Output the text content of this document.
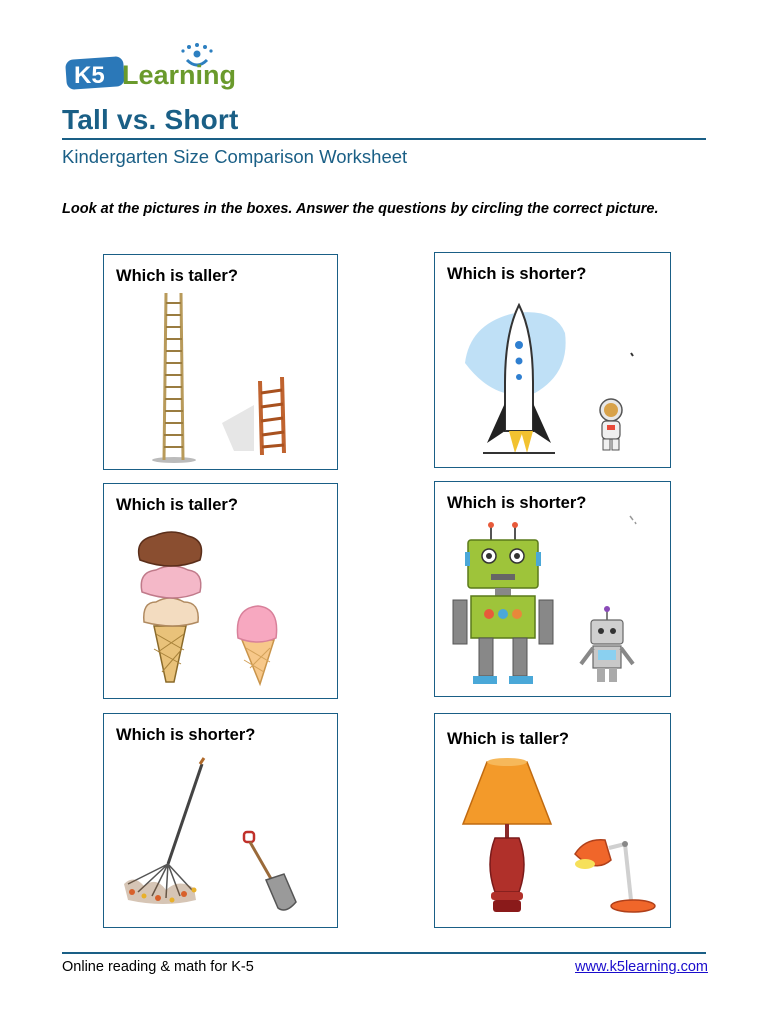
K5 Learning
Tall vs. Short
Kindergarten Size Comparison Worksheet
Look at the pictures in the boxes. Answer the questions by circling the correct picture.
Which is taller?	Which is shorter?
Which is taller?	Which is shorter?
Which is shorter?	Which is taller?
Online reading & math for K-5	www.k5learning.com
